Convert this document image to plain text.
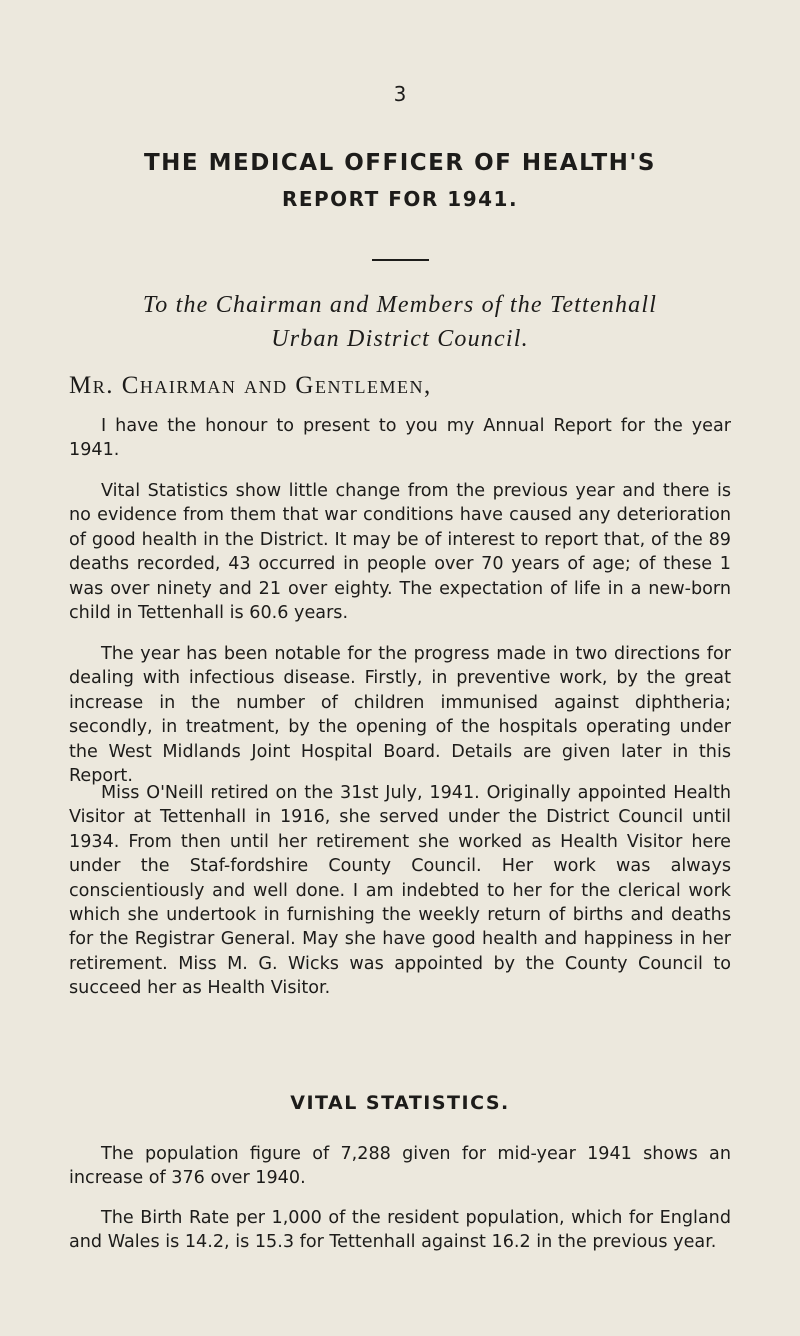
3
THE MEDICAL OFFICER OF HEALTH'S
REPORT FOR 1941.
To the Chairman and Members of the Tettenhall
Urban District Council.
Mr. Chairman and Gentlemen,

I have the honour to present to you my Annual Report for the year 1941.

Vital Statistics show little change from the previous year and there is no evidence from them that war conditions have caused any deterioration of good health in the District. It may be of interest to report that, of the 89 deaths recorded, 43 occurred in people over 70 years of age; of these 1 was over ninety and 21 over eighty. The expectation of life in a new-born child in Tettenhall is 60.6 years.

The year has been notable for the progress made in two directions for dealing with infectious disease. Firstly, in preventive work, by the great increase in the number of children immunised against diphtheria; secondly, in treatment, by the opening of the hospitals operating under the West Midlands Joint Hospital Board. Details are given later in this Report.

Miss O'Neill retired on the 31st July, 1941. Originally appointed Health Visitor at Tettenhall in 1916, she served under the District Council until 1934. From then until her retirement she worked as Health Visitor here under the Staf-fordshire County Council. Her work was always conscientiously and well done. I am indebted to her for the clerical work which she undertook in furnishing the weekly return of births and deaths for the Registrar General. May she have good health and happiness in her retirement. Miss M. G. Wicks was appointed by the County Council to succeed her as Health Visitor.

VITAL STATISTICS.

The population figure of 7,288 given for mid-year 1941 shows an increase of 376 over 1940.

The Birth Rate per 1,000 of the resident population, which for England and Wales is 14.2, is 15.3 for Tettenhall against 16.2 in the previous year.
